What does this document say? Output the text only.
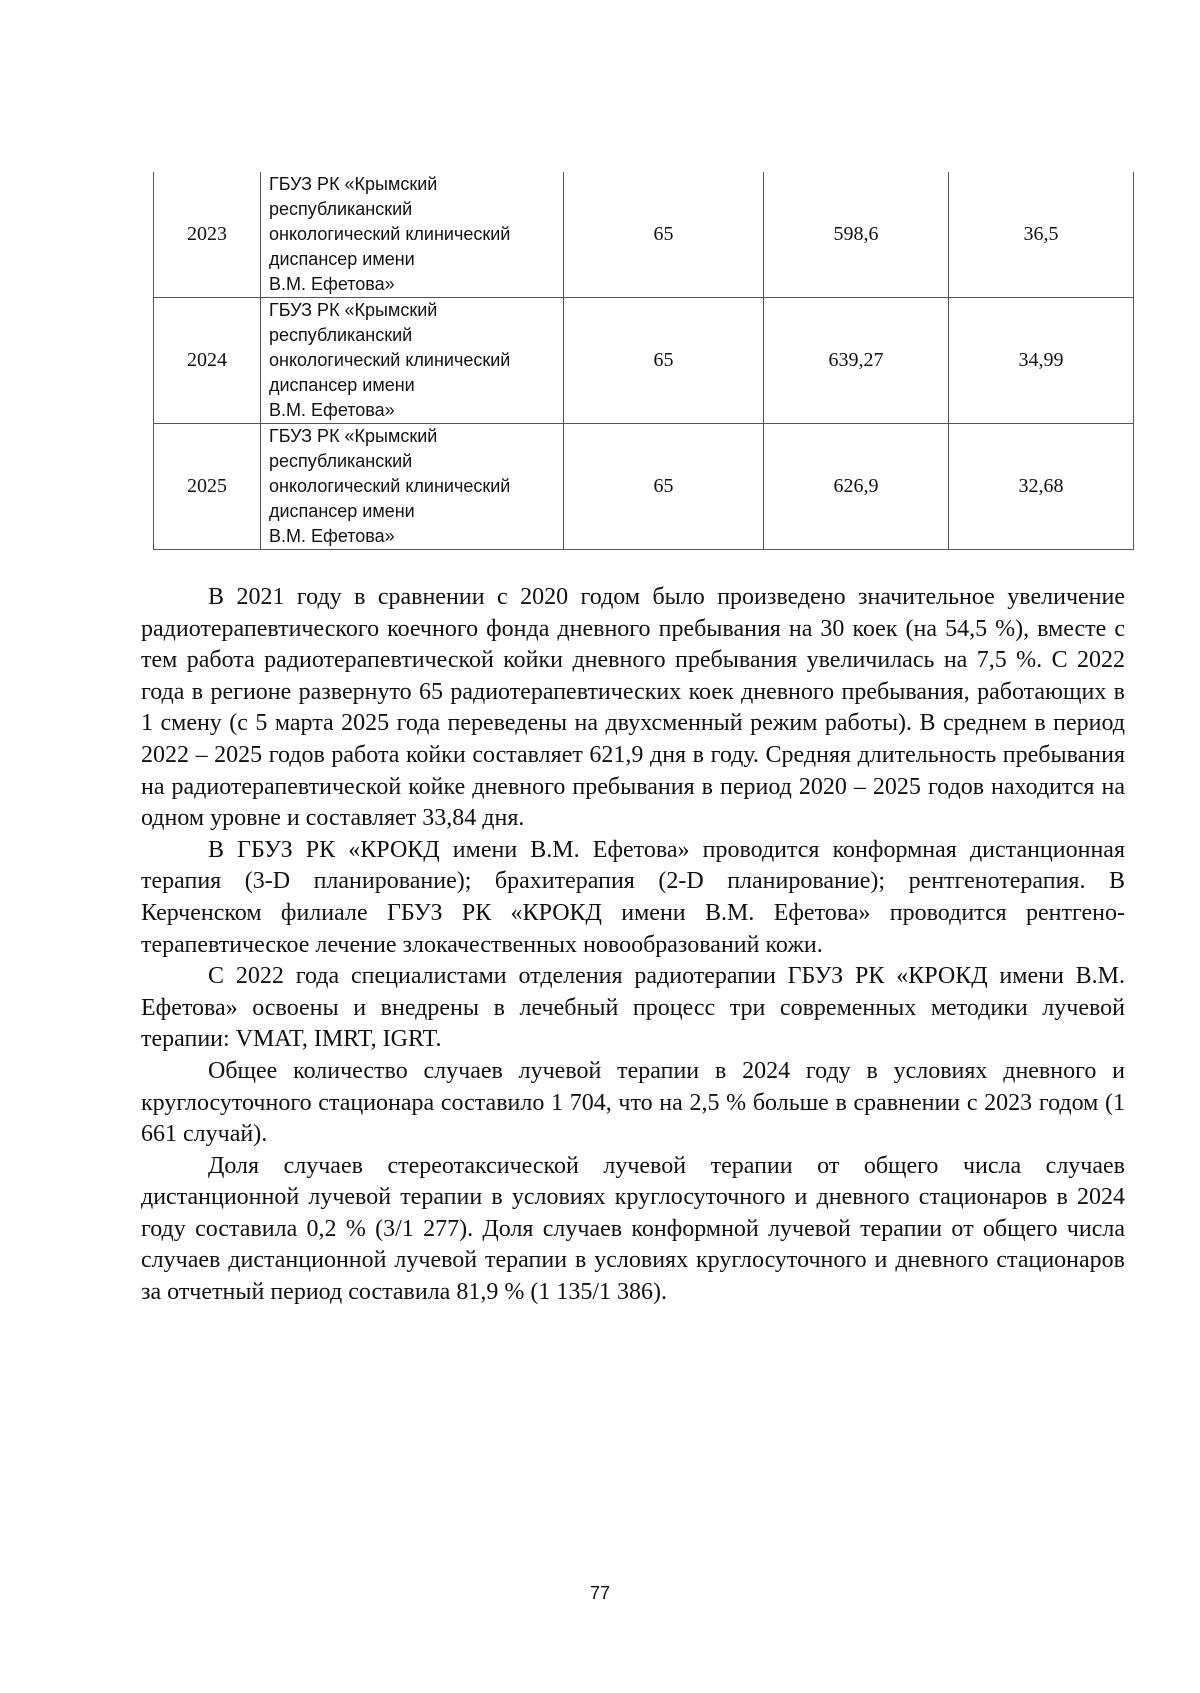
2023	ГБУЗ РК «Крымский
республиканский
онкологический клинический
диспансер имени
В.М. Ефетова»	65	598,6	36,5
2024	ГБУЗ РК «Крымский
республиканский
онкологический клинический
диспансер имени
В.М. Ефетова»	65	639,27	34,99
2025	ГБУЗ РК «Крымский
республиканский
онкологический клинический
диспансер имени
В.М. Ефетова»	65	626,9	32,68

В 2021 году в сравнении с 2020 годом было произведено значительное увеличение радиотерапевтического коечного фонда дневного пребывания на 30 коек (на 54,5 %), вместе с тем работа радиотерапевтической койки дневного пребывания увеличилась на 7,5 %. С 2022 года в регионе развернуто 65 радиотерапевтических коек дневного пребывания, работающих в 1 смену (с 5 марта 2025 года переведены на двухсменный режим работы). В среднем в период 2022 – 2025 годов работа койки составляет 621,9 дня в году. Средняя длительность пребывания на радиотерапевтической койке дневного пребывания в период 2020 – 2025 годов находится на одном уровне и составляет 33,84 дня.

В ГБУЗ РК «КРОКД имени В.М. Ефетова» проводится конформная дистанционная терапия (3-D планирование); брахитерапия (2-D планирование); рентгенотерапия. В Керченском филиале ГБУЗ РК «КРОКД имени В.М. Ефетова» проводится рентгено-терапевтическое лечение злокачественных новообразований кожи.

С 2022 года специалистами отделения радиотерапии ГБУЗ РК «КРОКД имени В.М. Ефетова» освоены и внедрены в лечебный процесс три современных методики лучевой терапии: VMAT, IMRT, IGRT.

Общее количество случаев лучевой терапии в 2024 году в условиях дневного и круглосуточного стационара составило 1 704, что на 2,5 % больше в сравнении с 2023 годом (1 661 случай).

Доля случаев стереотаксической лучевой терапии от общего числа случаев дистанционной лучевой терапии в условиях круглосуточного и дневного стационаров в 2024 году составила 0,2 % (3/1 277). Доля случаев конформной лучевой терапии от общего числа случаев дистанционной лучевой терапии в условиях круглосуточного и дневного стационаров за отчетный период составила 81,9 % (1 135/1 386).

77
